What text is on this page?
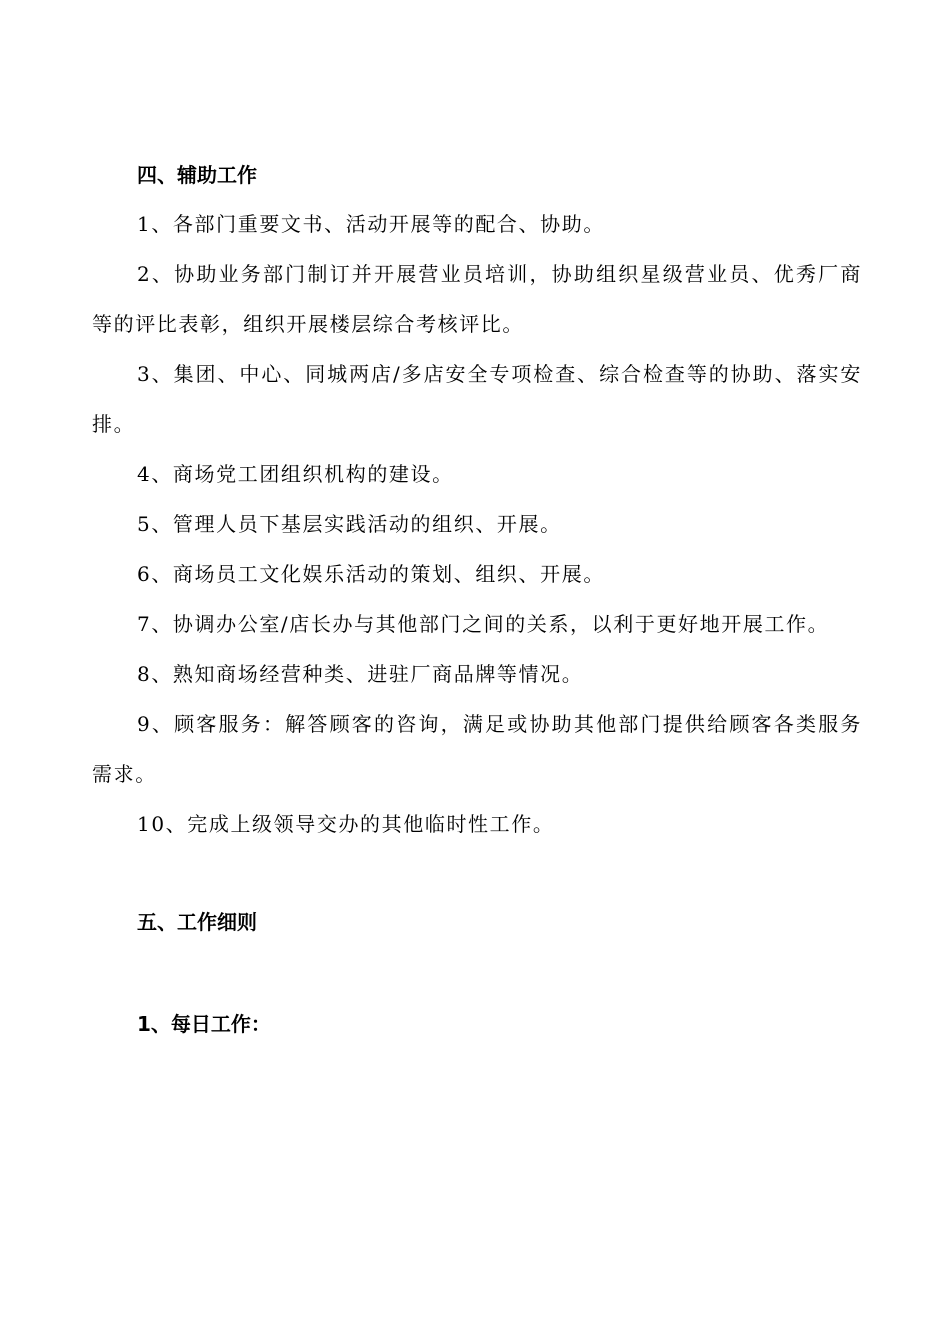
四、辅助工作
1、各部门重要文书、活动开展等的配合、协助。
2、协助业务部门制订并开展营业员培训，协助组织星级营业员、优秀厂商等的评比表彰，组织开展楼层综合考核评比。
3、集团、中心、同城两店/多店安全专项检查、综合检查等的协助、落实安排。
4、商场党工团组织机构的建设。
5、管理人员下基层实践活动的组织、开展。
6、商场员工文化娱乐活动的策划、组织、开展。
7、协调办公室/店长办与其他部门之间的关系，以利于更好地开展工作。
8、熟知商场经营种类、进驻厂商品牌等情况。
9、顾客服务：解答顾客的咨询，满足或协助其他部门提供给顾客各类服务需求。
10、完成上级领导交办的其他临时性工作。
五、工作细则
1、每日工作：
